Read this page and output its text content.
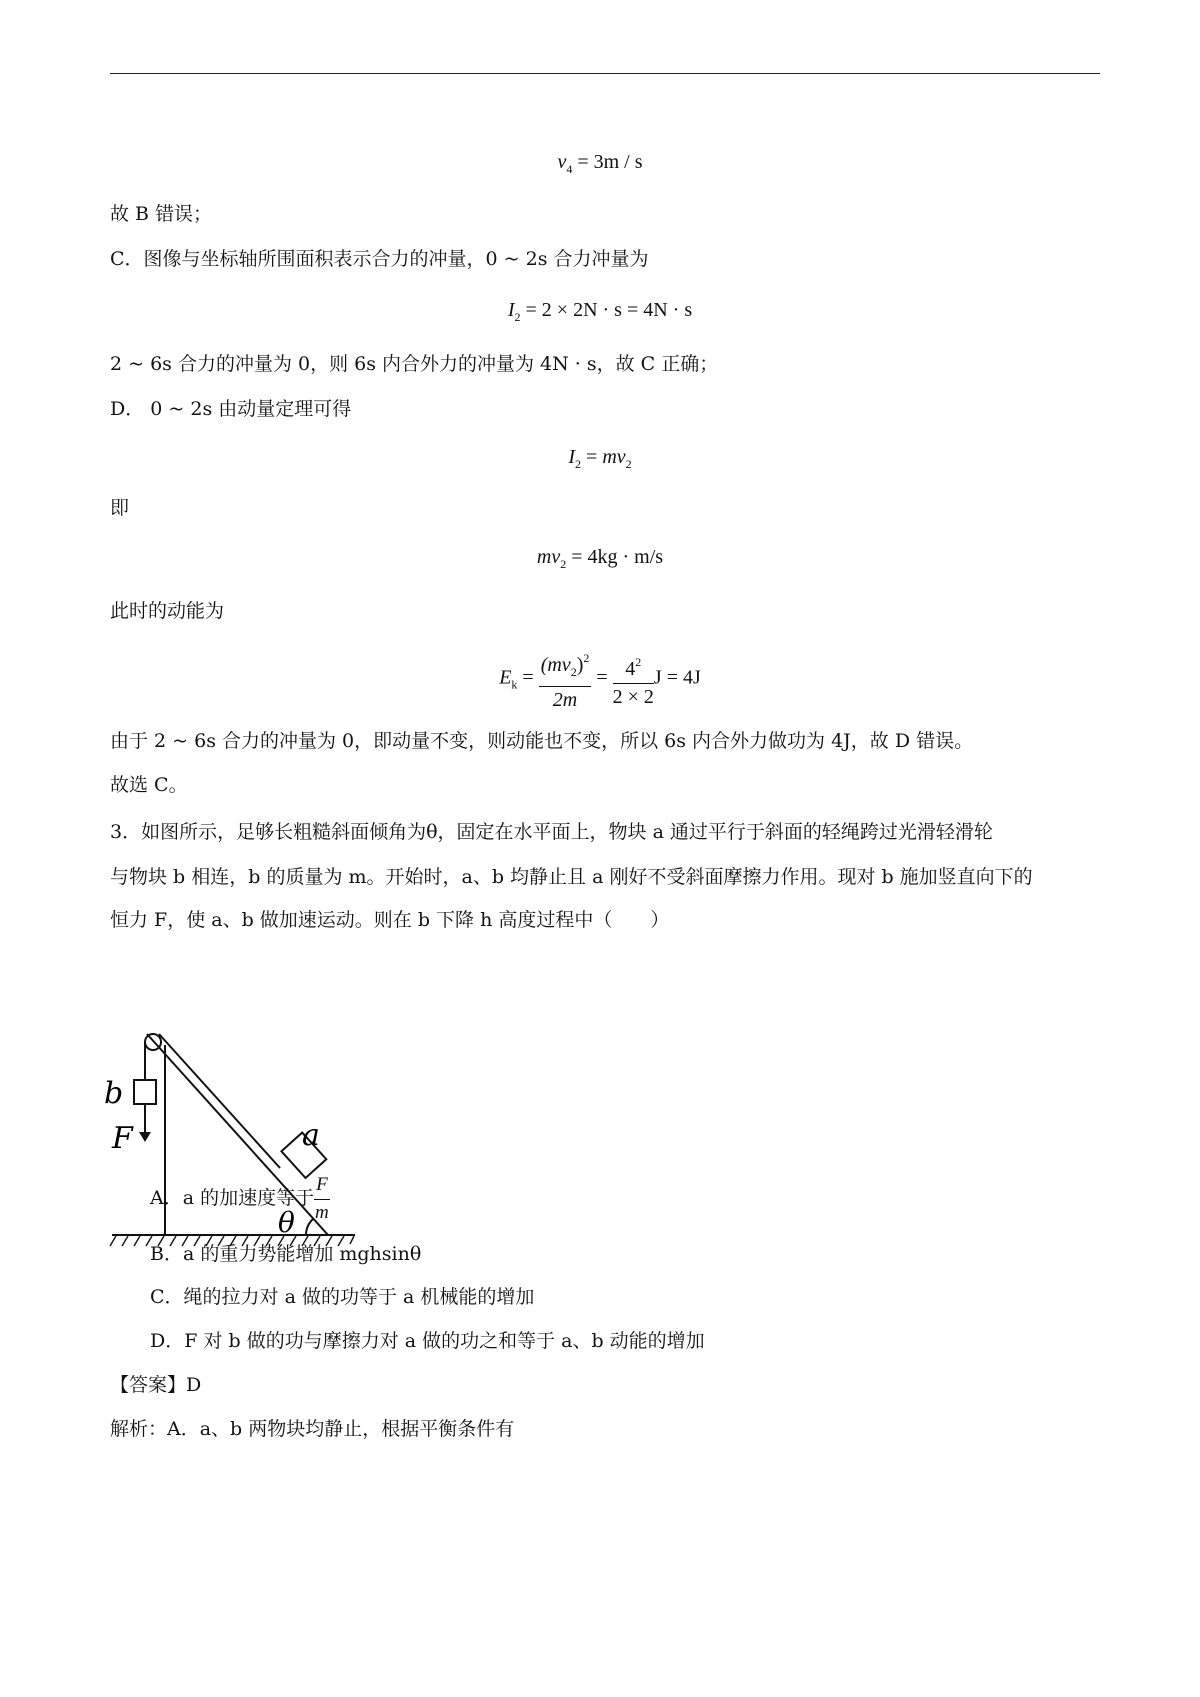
$v_4 = 3m / s$
故 B 错误；
C．图像与坐标轴所围面积表示合力的冲量，0 ~ 2s 合力冲量为
$I_2 = 2 \times 2N \cdot s = 4N \cdot s$
2 ~ 6s 合力的冲量为 0，则 6s 内合外力的冲量为 4N · s，故 C 正确；
D． 0 ~ 2s 由动量定理可得
$I_2 = mv_2$
即
$mv_2 = 4kg \cdot m/s$
此时的动能为
$E_k = \frac{(mv_2)^2}{2m} = \frac{4^2}{2 \times 2}$ J = 4J
由于 2 ~ 6s 合力的冲量为 0，即动量不变，则动能也不变，所以 6s 内合外力做功为 4J，故 D 错误。
故选 C。
3．如图所示，足够长粗糙斜面倾角为θ，固定在水平面上，物块 a 通过平行于斜面的轻绳跨过光滑轻滑轮
与物块 b 相连，b 的质量为 m。开始时，a、b 均静止且 a 刚好不受斜面摩擦力作用。现对 b 施加竖直向下的
恒力 F，使 a、b 做加速运动。则在 b 下降 h 高度过程中（　　）
b
F	a
θ
A．a 的加速度等于 $\frac{F}{m}$
B．a 的重力势能增加 mghsinθ
C．绳的拉力对 a 做的功等于 a 机械能的增加
D．F 对 b 做的功与摩擦力对 a 做的功之和等于 a、b 动能的增加
【答案】D
解析：A．a、b 两物块均静止，根据平衡条件有
